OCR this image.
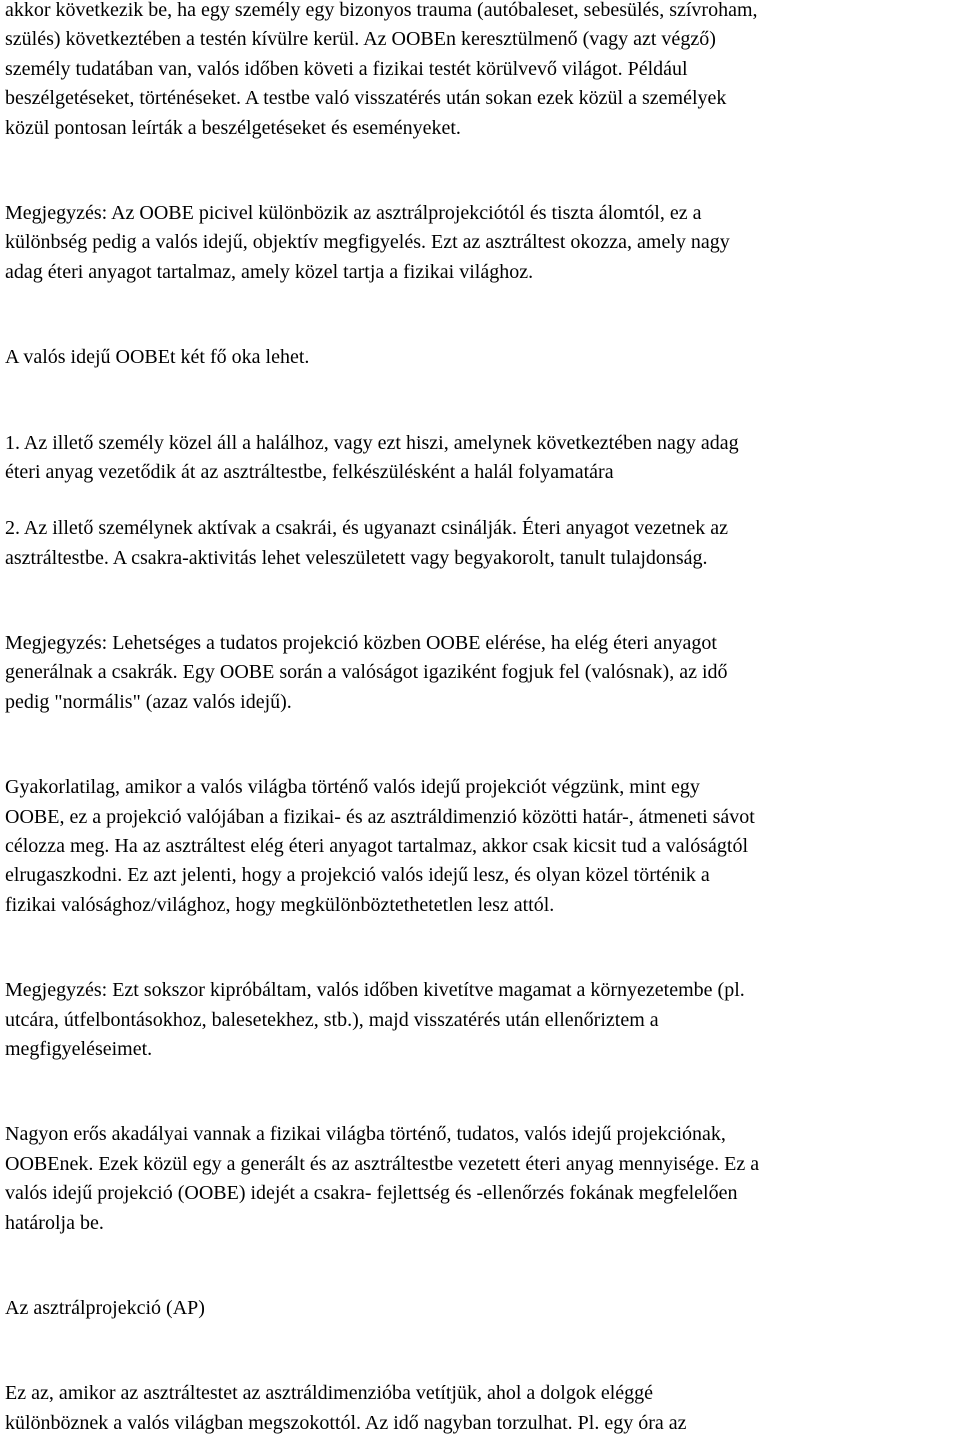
akkor következik be, ha egy személy egy bizonyos trauma (autóbaleset, sebesülés, szívroham,
szülés) következtében a testén kívülre kerül. Az OOBEn keresztülmenő (vagy azt végző)
személy tudatában van, valós időben követi a fizikai testét körülvevő világot. Például
beszélgetéseket, történéseket. A testbe való visszatérés után sokan ezek közül a személyek
közül pontosan leírták a beszélgetéseket és eseményeket.
Megjegyzés: Az OOBE picivel különbözik az asztrálprojekciótól és tiszta álomtól, ez a
különbség pedig a valós idejű, objektív megfigyelés. Ezt az asztráltest okozza, amely nagy
adag éteri anyagot tartalmaz, amely közel tartja a fizikai világhoz.
A valós idejű OOBEt két fő oka lehet.
1. Az illető személy közel áll a halálhoz, vagy ezt hiszi, amelynek következtében nagy adag
éteri anyag vezetődik át az asztráltestbe, felkészülésként a halál folyamatára
2. Az illető személynek aktívak a csakrái, és ugyanazt csinálják. Éteri anyagot vezetnek az
asztráltestbe. A csakra-aktivitás lehet veleszületett vagy begyakorolt, tanult tulajdonság.
Megjegyzés: Lehetséges a tudatos projekció közben OOBE elérése, ha elég éteri anyagot
generálnak a csakrák. Egy OOBE során a valóságot igaziként fogjuk fel (valósnak), az idő
pedig "normális" (azaz valós idejű).
Gyakorlatilag, amikor a valós világba történő valós idejű projekciót végzünk, mint egy
OOBE, ez a projekció valójában a fizikai- és az asztráldimenzió közötti határ-, átmeneti sávot
célozza meg. Ha az asztráltest elég éteri anyagot tartalmaz, akkor csak kicsit tud a valóságtól
elrugaszkodni. Ez azt jelenti, hogy a projekció valós idejű lesz, és olyan közel történik a
fizikai valósághoz/világhoz, hogy megkülönböztethetetlen lesz attól.
Megjegyzés: Ezt sokszor kipróbáltam, valós időben kivetítve magamat a környezetembe (pl.
utcára, útfelbontásokhoz, balesetekhez, stb.), majd visszatérés után ellenőriztem a
megfigyeléseimet.
Nagyon erős akadályai vannak a fizikai világba történő, tudatos, valós idejű projekciónak,
OOBEnek. Ezek közül egy a generált és az asztráltestbe vezetett éteri anyag mennyisége. Ez a
valós idejű projekció (OOBE) idejét a csakra- fejlettség és -ellenőrzés fokának megfelelően
határolja be.
Az asztrálprojekció (AP)
Ez az, amikor az asztráltestet az asztráldimenzióba vetítjük, ahol a dolgok eléggé
különböznek a valós világban megszokottól. Az idő nagyban torzulhat. Pl. egy óra az
